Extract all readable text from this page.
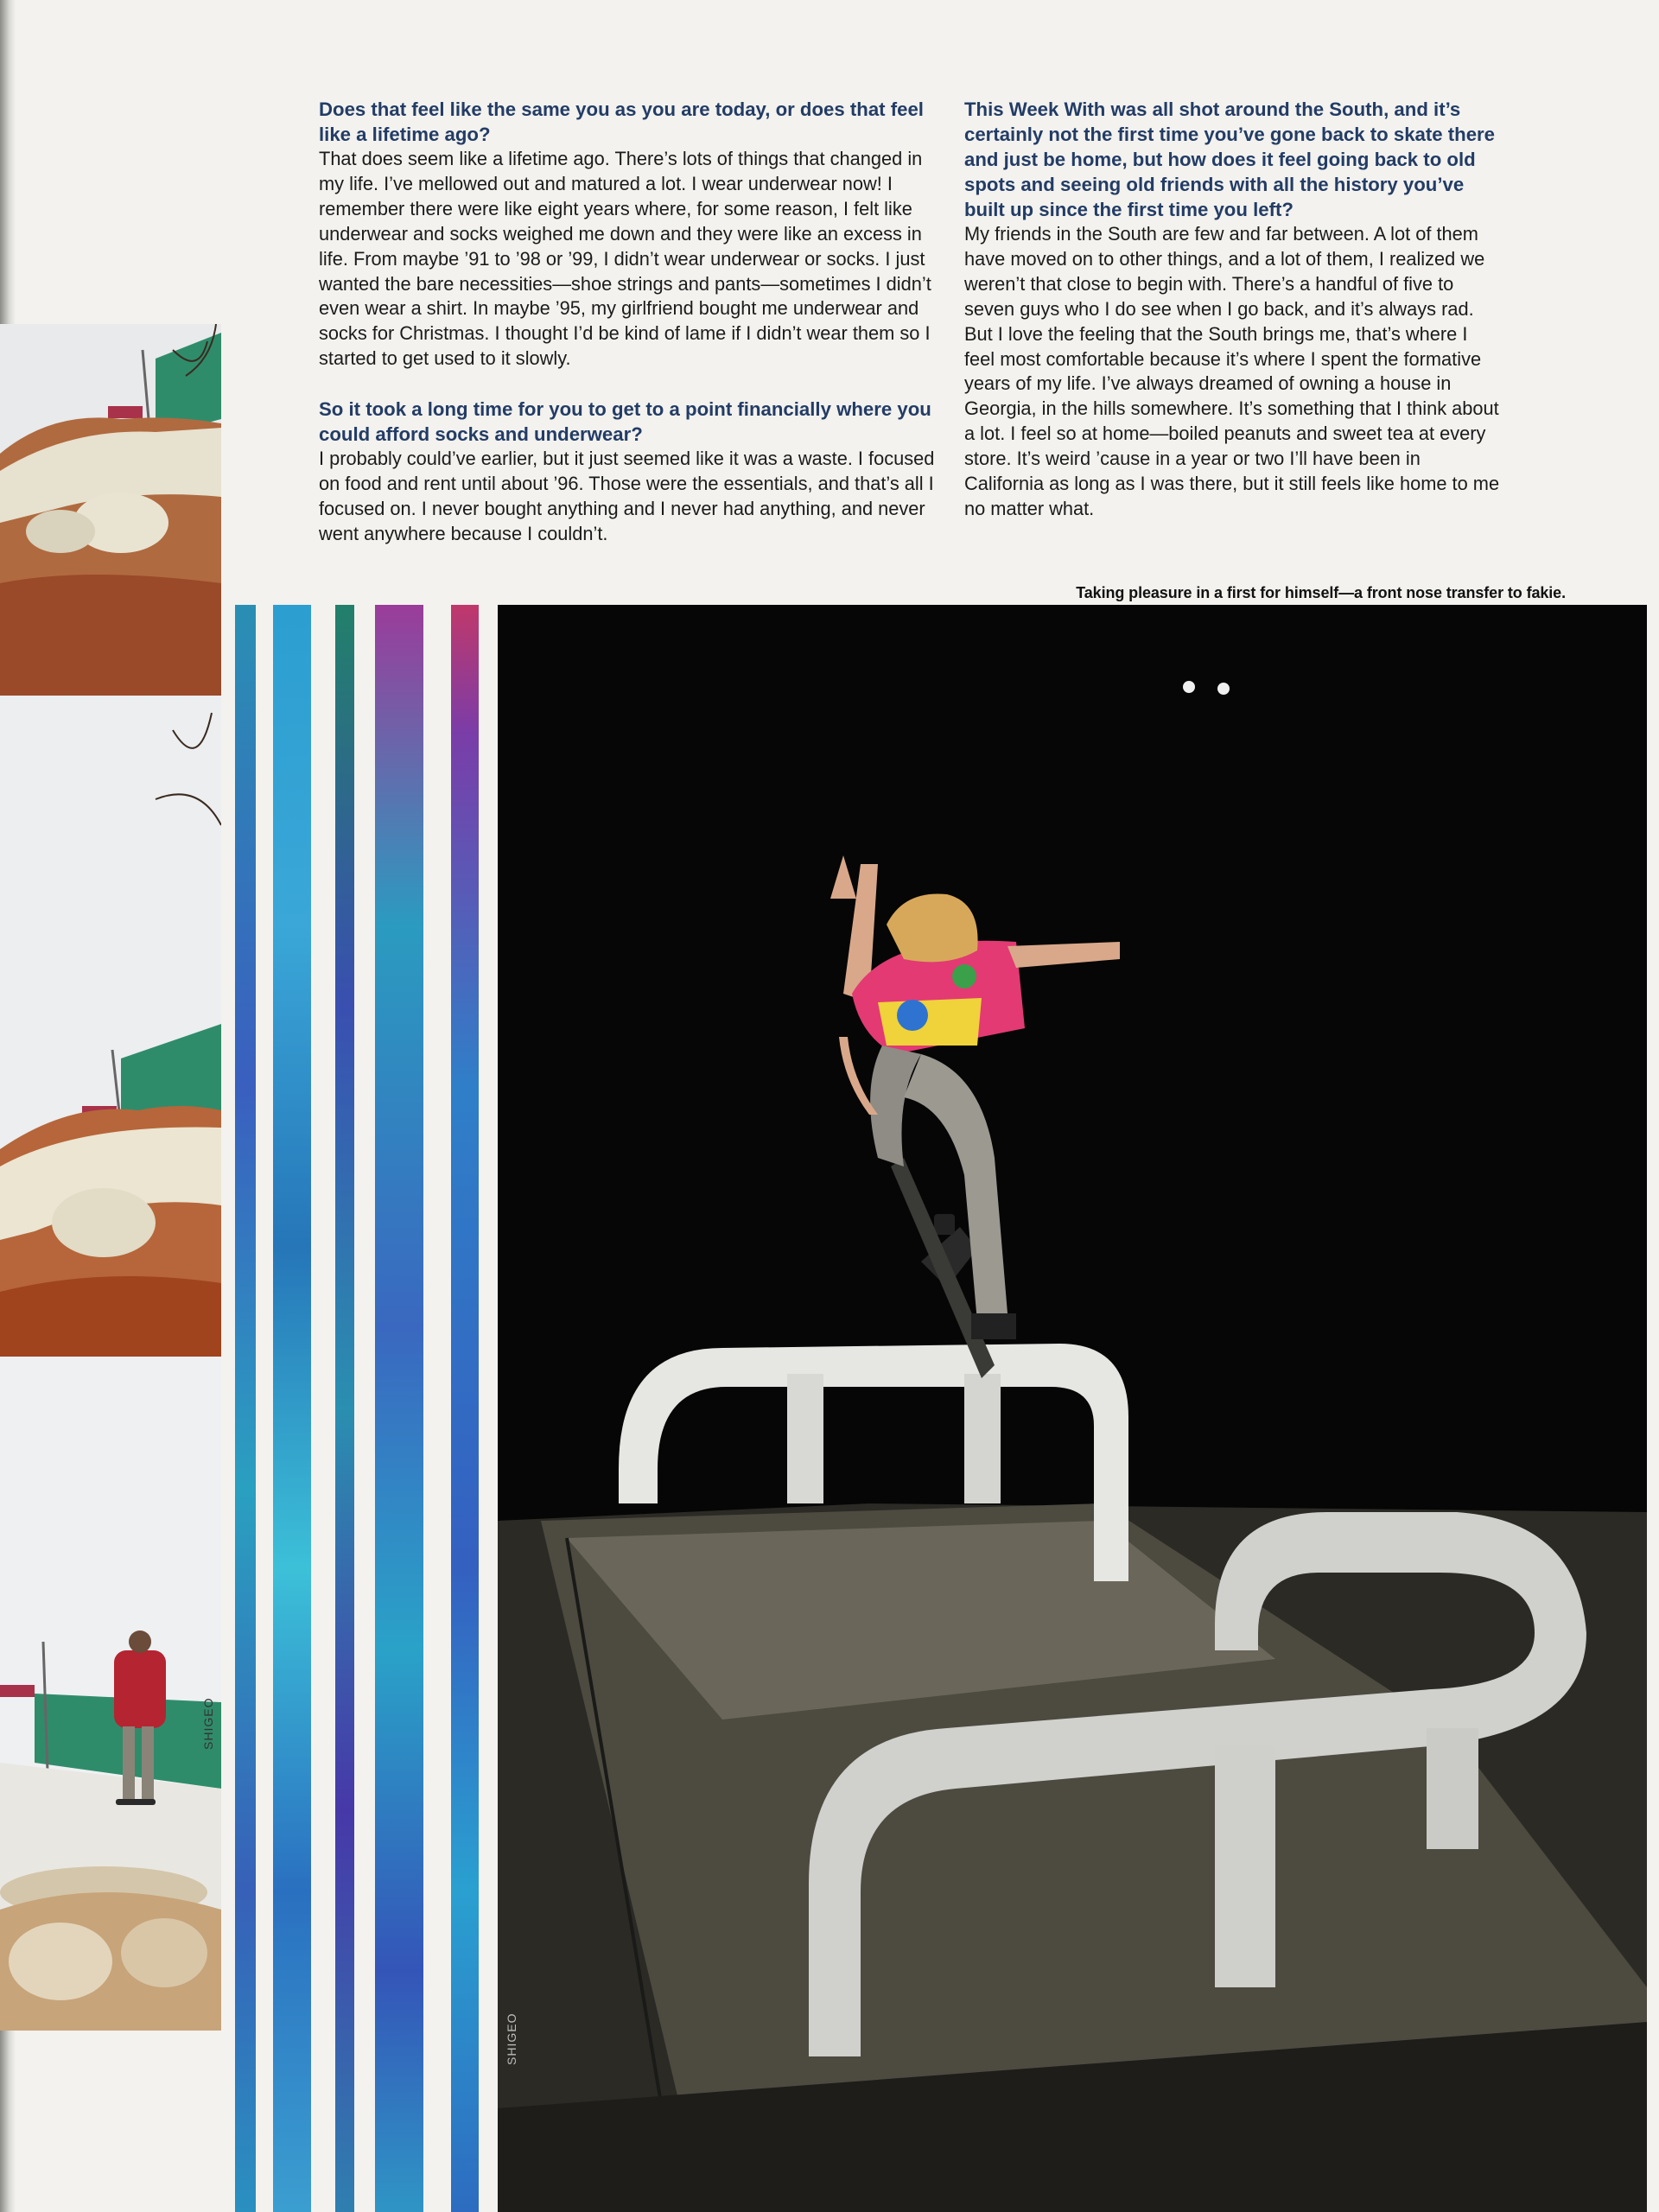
Does that feel like the same you as you are today, or does that feel like a lifetime ago?

That does seem like a lifetime ago. There’s lots of things that changed in my life. I’ve mellowed out and matured a lot. I wear underwear now! I remember there were like eight years where, for some reason, I felt like underwear and socks weighed me down and they were like an excess in life. From maybe ’91 to ’98 or ’99, I didn’t wear underwear or socks. I just wanted the bare necessities—shoe strings and pants—sometimes I didn’t even wear a shirt. In maybe ’95, my girlfriend bought me underwear and socks for Christmas. I thought I’d be kind of lame if I didn’t wear them so I started to get used to it slowly.

So it took a long time for you to get to a point financially where you could afford socks and underwear?

I probably could’ve earlier, but it just seemed like it was a waste. I focused on food and rent until about ’96. Those were the essentials, and that’s all I focused on. I never bought anything and I never had anything, and never went anywhere because I couldn’t.

This Week With was all shot around the South, and it’s certainly not the first time you’ve gone back to skate there and just be home, but how does it feel going back to old spots and seeing old friends with all the history you’ve built up since the first time you left?

My friends in the South are few and far between. A lot of them have moved on to other things, and a lot of them, I realized we weren’t that close to begin with. There’s a handful of five to seven guys who I do see when I go back, and it’s always rad. But I love the feeling that the South brings me, that’s where I feel most comfortable because it’s where I spent the formative years of my life. I’ve always dreamed of owning a house in Georgia, in the hills somewhere. It’s something that I think about a lot. I feel so at home—boiled peanuts and sweet tea at every store. It’s weird ’cause in a year or two I’ll have been in California as long as I was there, but it still feels like home to me no matter what.

Taking pleasure in a first for himself—a front nose transfer to fakie.
SHIGEO
SHIGEO
